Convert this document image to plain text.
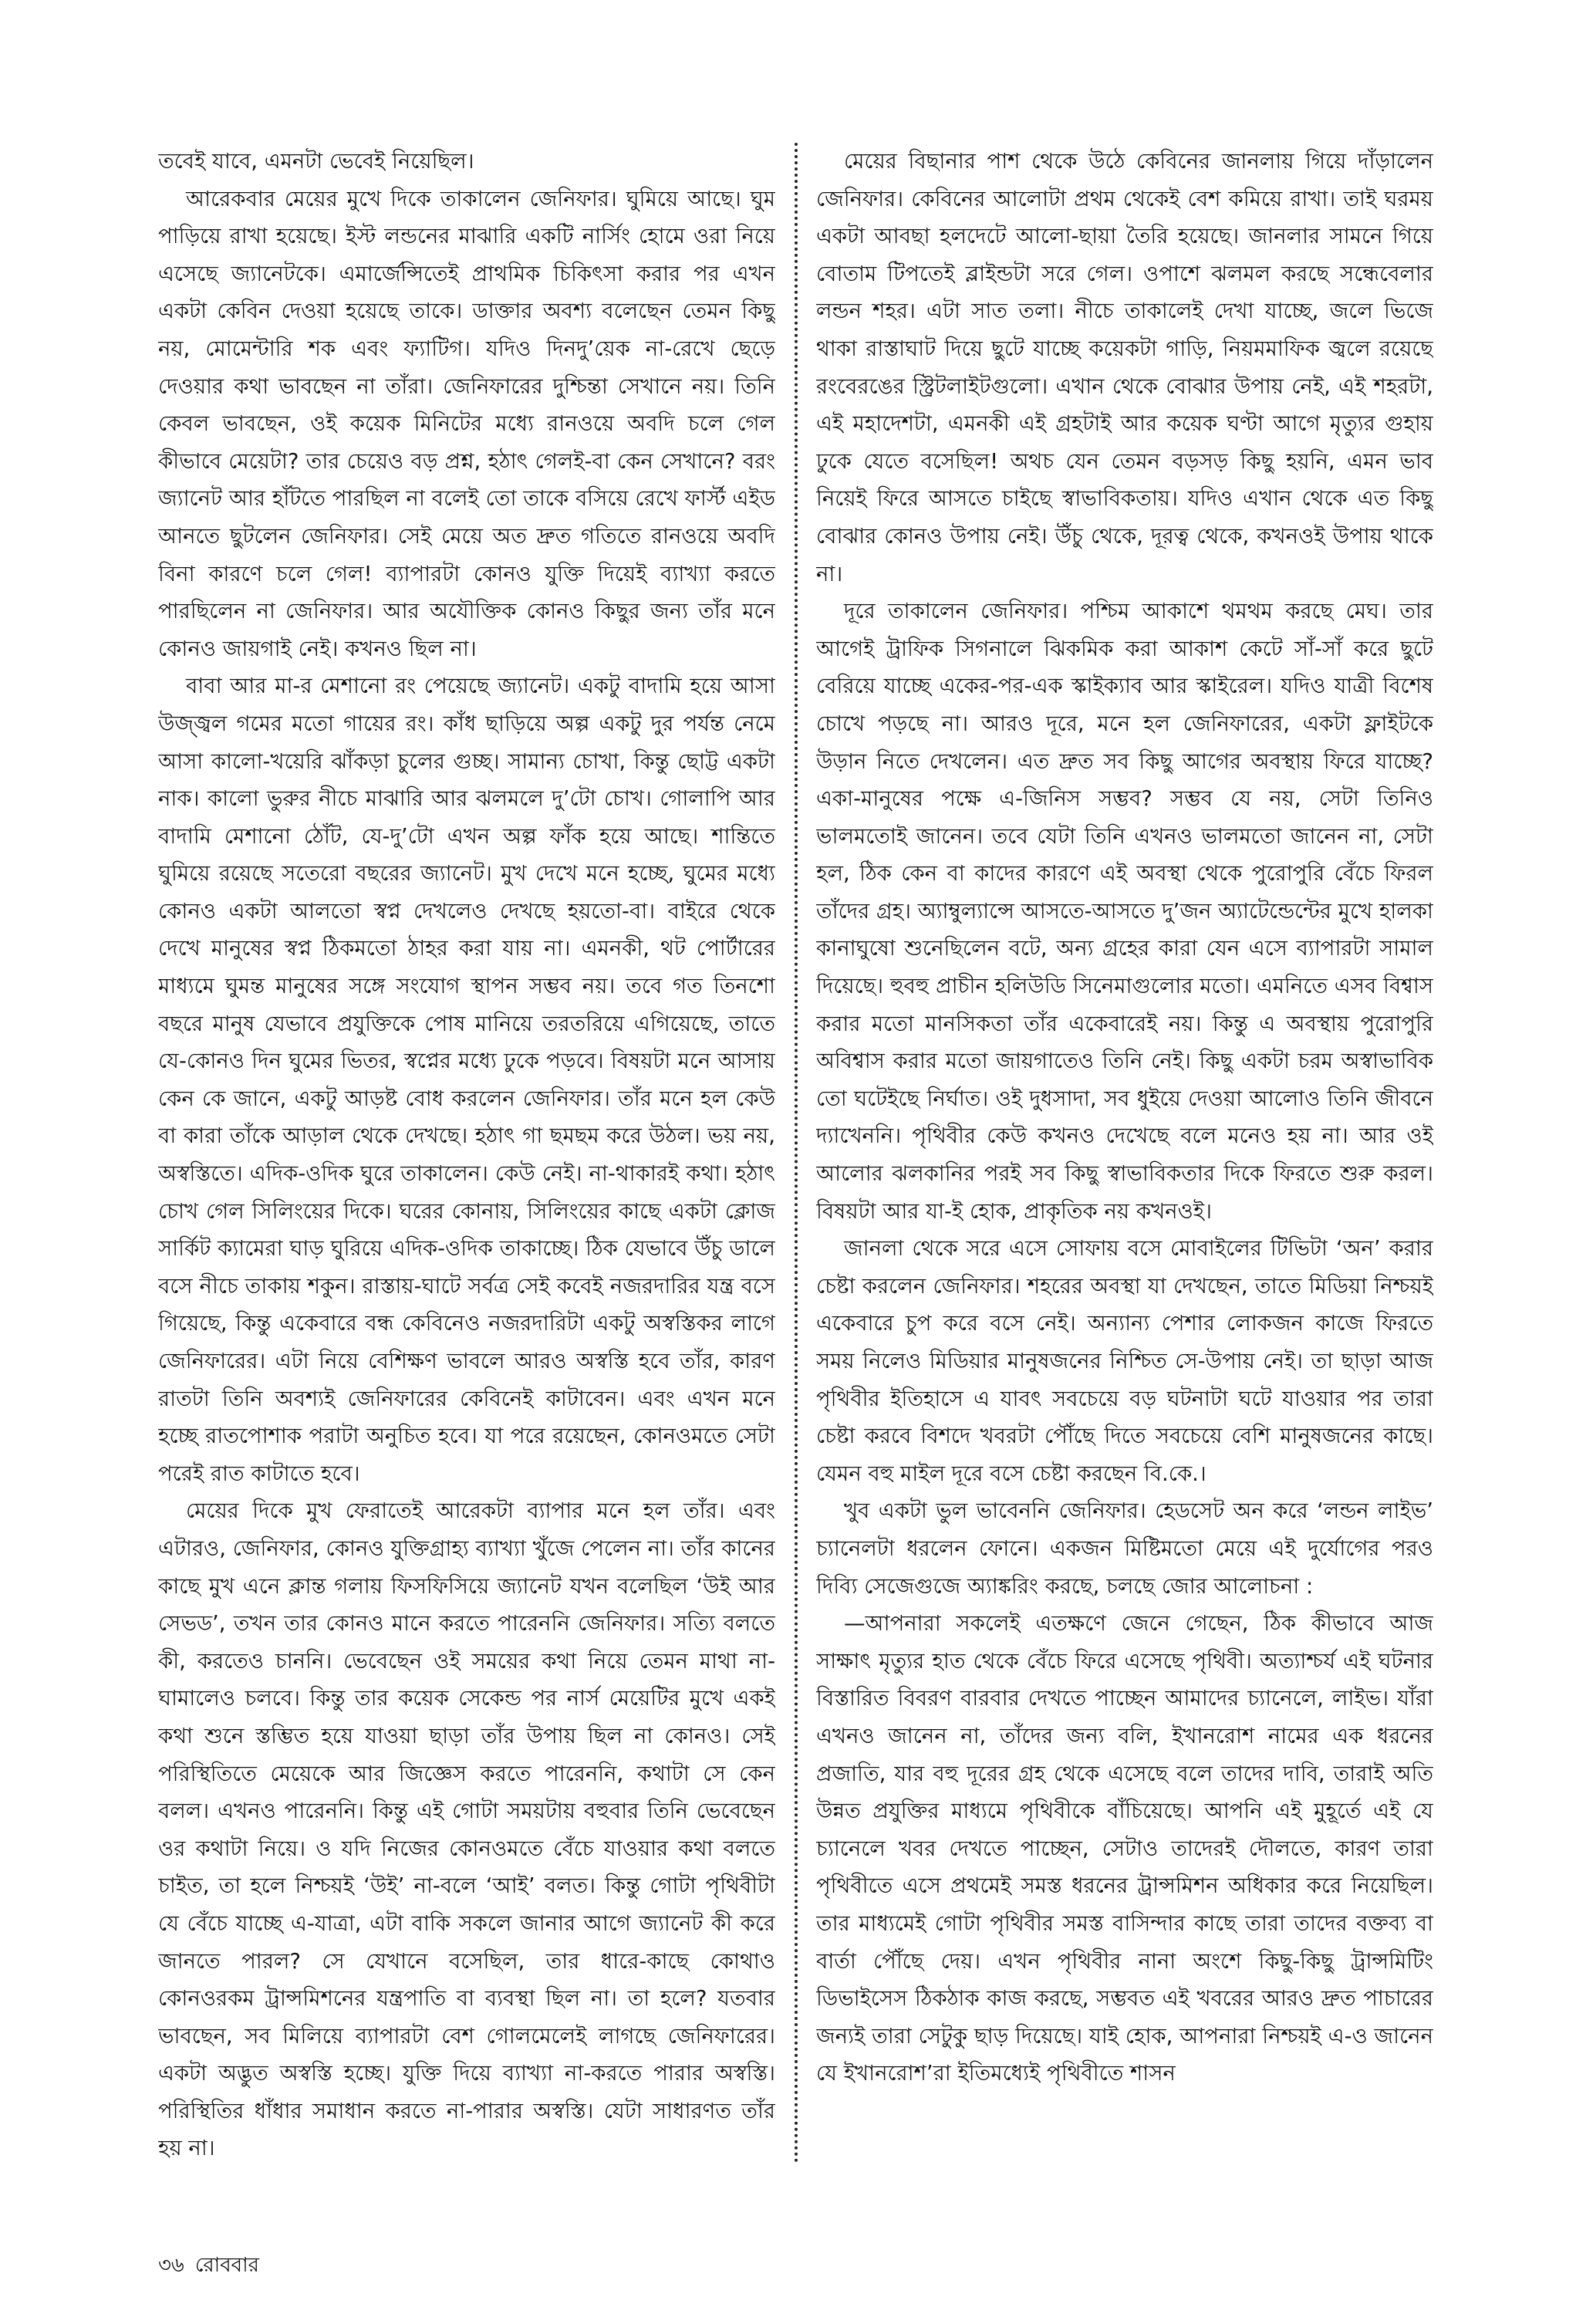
তবেই যাবে, এমনটা ভেবেই নিয়েছিল।

আরেকবার মেয়ের মুখে দিকে তাকালেন জেনিফার। ঘুমিয়ে আছে। ঘুম পাড়িয়ে রাখা হয়েছে। ইস্ট লন্ডনের মাঝারি একটি নার্সিং হোমে ওরা নিয়ে এসেছে জ্যানেটকে। এমার্জেন্সিতেই প্রাথমিক চিকিৎসা করার পর এখন একটা কেবিন দেওয়া হয়েছে তাকে। ডাক্তার অবশ্য বলেছেন তেমন কিছু নয়, মোমেন্টারি শক এবং ফ্যাটিগ। যদিও দিনদু’য়েক না-রেখে ছেড়ে দেওয়ার কথা ভাবছেন না তাঁরা। জেনিফারের দুশ্চিন্তা সেখানে নয়। তিনি কেবল ভাবছেন, ওই কয়েক মিনিটের মধ্যে রানওয়ে অবদি চলে গেল কীভাবে মেয়েটা? তার চেয়েও বড় প্রশ্ন, হঠাৎ গেলই-বা কেন সেখানে? বরং জ্যানেট আর হাঁটতে পারছিল না বলেই তো তাকে বসিয়ে রেখে ফার্স্ট এইড আনতে ছুটলেন জেনিফার। সেই মেয়ে অত দ্রুত গতিতে রানওয়ে অবদি বিনা কারণে চলে গেল! ব্যাপারটা কোনও যুক্তি দিয়েই ব্যাখ্যা করতে পারছিলেন না জেনিফার। আর অযৌক্তিক কোনও কিছুর জন্য তাঁর মনে কোনও জায়গাই নেই। কখনও ছিল না।

বাবা আর মা-র মেশানো রং পেয়েছে জ্যানেট। একটু বাদামি হয়ে আসা উজ্জ্বল গমের মতো গায়ের রং। কাঁধ ছাড়িয়ে অল্প একটু দুর পর্যন্ত নেমে আসা কালো-খয়েরি ঝাঁকড়া চুলের গুচ্ছ। সামান্য চোখা, কিন্তু ছোট্ট একটা নাক। কালো ভুরুর নীচে মাঝারি আর ঝলমলে দু’টো চোখ। গোলাপি আর বাদামি মেশানো ঠোঁট, যে-দু’টো এখন অল্প ফাঁক হয়ে আছে। শান্তিতে ঘুমিয়ে রয়েছে সতেরো বছরের জ্যানেট। মুখ দেখে মনে হচ্ছে, ঘুমের মধ্যে কোনও একটা আলতো স্বপ্ন দেখলেও দেখছে হয়তো-বা। বাইরে থেকে দেখে মানুষের স্বপ্ন ঠিকমতো ঠাহর করা যায় না। এমনকী, থট পোর্টারের মাধ্যমে ঘুমন্ত মানুষের সঙ্গে সংযোগ স্থাপন সম্ভব নয়। তবে গত তিনশো বছরে মানুষ যেভাবে প্রযুক্তিকে পোষ মানিয়ে তরতরিয়ে এগিয়েছে, তাতে যে-কোনও দিন ঘুমের ভিতর, স্বপ্নের মধ্যে ঢুকে পড়বে। বিষয়টা মনে আসায় কেন কে জানে, একটু আড়ষ্ট বোধ করলেন জেনিফার। তাঁর মনে হল কেউ বা কারা তাঁকে আড়াল থেকে দেখছে। হঠাৎ গা ছমছম করে উঠল। ভয় নয়, অস্বস্তিতে। এদিক-ওদিক ঘুরে তাকালেন। কেউ নেই। না-থাকারই কথা। হঠাৎ চোখ গেল সিলিংয়ের দিকে। ঘরের কোনায়, সিলিংয়ের কাছে একটা ক্লোজ সার্কিট ক্যামেরা ঘাড় ঘুরিয়ে এদিক-ওদিক তাকাচ্ছে। ঠিক যেভাবে উঁচু ডালে বসে নীচে তাকায় শকুন। রাস্তায়-ঘাটে সর্বত্র সেই কবেই নজরদারির যন্ত্র বসে গিয়েছে, কিন্তু একেবারে বন্ধ কেবিনেও নজরদারিটা একটু অস্বস্তিকর লাগে জেনিফারের। এটা নিয়ে বেশিক্ষণ ভাবলে আরও অস্বস্তি হবে তাঁর, কারণ রাতটা তিনি অবশ্যই জেনিফারের কেবিনেই কাটাবেন। এবং এখন মনে হচ্ছে রাতপোশাক পরাটা অনুচিত হবে। যা পরে রয়েছেন, কোনওমতে সেটা পরেই রাত কাটাতে হবে।

মেয়ের দিকে মুখ ফেরাতেই আরেকটা ব্যাপার মনে হল তাঁর। এবং এটারও, জেনিফার, কোনও যুক্তিগ্রাহ্য ব্যাখ্যা খুঁজে পেলেন না। তাঁর কানের কাছে মুখ এনে ক্লান্ত গলায় ফিসফিসিয়ে জ্যানেট যখন বলেছিল ‘উই আর সেভড’, তখন তার কোনও মানে করতে পারেননি জেনিফার। সত্যি বলতে কী, করতেও চাননি। ভেবেছেন ওই সময়ের কথা নিয়ে তেমন মাথা না-ঘামালেও চলবে। কিন্তু তার কয়েক সেকেন্ড পর নার্স মেয়েটির মুখে একই কথা শুনে স্তম্ভিত হয়ে যাওয়া ছাড়া তাঁর উপায় ছিল না কোনও। সেই পরিস্থিতিতে মেয়েকে আর জিজ্ঞেস করতে পারেননি, কথাটা সে কেন বলল। এখনও পারেননি। কিন্তু এই গোটা সময়টায় বহুবার তিনি ভেবেছেন ওর কথাটা নিয়ে। ও যদি নিজের কোনওমতে বেঁচে যাওয়ার কথা বলতে চাইত, তা হলে নিশ্চয়ই ‘উই’ না-বলে ‘আই’ বলত। কিন্তু গোটা পৃথিবীটা যে বেঁচে যাচ্ছে এ-যাত্রা, এটা বাকি সকলে জানার আগে জ্যানেট কী করে জানতে পারল? সে যেখানে বসেছিল, তার ধারে-কাছে কোথাও কোনওরকম ট্রান্সমিশনের যন্ত্রপাতি বা ব্যবস্থা ছিল না। তা হলে? যতবার ভাবছেন, সব মিলিয়ে ব্যাপারটা বেশ গোলমেলেই লাগছে জেনিফারের। একটা অদ্ভুত অস্বস্তি হচ্ছে। যুক্তি দিয়ে ব্যাখ্যা না-করতে পারার অস্বস্তি। পরিস্থিতির ধাঁধার সমাধান করতে না-পারার অস্বস্তি। যেটা সাধারণত তাঁর হয় না।

মেয়ের বিছানার পাশ থেকে উঠে কেবিনের জানলায় গিয়ে দাঁড়ালেন জেনিফার। কেবিনের আলোটা প্রথম থেকেই বেশ কমিয়ে রাখা। তাই ঘরময় একটা আবছা হলদেটে আলো-ছায়া তৈরি হয়েছে। জানলার সামনে গিয়ে বোতাম টিপতেই ব্লাইন্ডটা সরে গেল। ওপাশে ঝলমল করছে সন্ধেবেলার লন্ডন শহর। এটা সাত তলা। নীচে তাকালেই দেখা যাচ্ছে, জলে ভিজে থাকা রাস্তাঘাট দিয়ে ছুটে যাচ্ছে কয়েকটা গাড়ি, নিয়মমাফিক জ্বলে রয়েছে রংবেরঙের স্ট্রিটলাইটগুলো। এখান থেকে বোঝার উপায় নেই, এই শহরটা, এই মহাদেশটা, এমনকী এই গ্রহটাই আর কয়েক ঘণ্টা আগে মৃত্যুর গুহায় ঢুকে যেতে বসেছিল! অথচ যেন তেমন বড়সড় কিছু হয়নি, এমন ভাব নিয়েই ফিরে আসতে চাইছে স্বাভাবিকতায়। যদিও এখান থেকে এত কিছু বোঝার কোনও উপায় নেই। উঁচু থেকে, দূরত্ব থেকে, কখনওই উপায় থাকে না।

দূরে তাকালেন জেনিফার। পশ্চিম আকাশে থমথম করছে মেঘ। তার আগেই ট্রাফিক সিগনালে ঝিকমিক করা আকাশ কেটে সাঁ-সাঁ করে ছুটে বেরিয়ে যাচ্ছে একের-পর-এক স্কাইক্যাব আর স্কাইরেল। যদিও যাত্রী বিশেষ চোখে পড়ছে না। আরও দূরে, মনে হল জেনিফারের, একটা ফ্লাইটকে উড়ান নিতে দেখলেন। এত দ্রুত সব কিছু আগের অবস্থায় ফিরে যাচ্ছে? একা-মানুষের পক্ষে এ-জিনিস সম্ভব? সম্ভব যে নয়, সেটা তিনিও ভালমতোই জানেন। তবে যেটা তিনি এখনও ভালমতো জানেন না, সেটা হল, ঠিক কেন বা কাদের কারণে এই অবস্থা থেকে পুরোপুরি বেঁচে ফিরল তাঁদের গ্রহ। অ্যাম্বুল্যান্সে আসতে-আসতে দু’জন অ্যাটেন্ডেন্টের মুখে হালকা কানাঘুষো শুনেছিলেন বটে, অন্য গ্রহের কারা যেন এসে ব্যাপারটা সামাল দিয়েছে। হুবহু প্রাচীন হলিউডি সিনেমাগুলোর মতো। এমনিতে এসব বিশ্বাস করার মতো মানসিকতা তাঁর একেবারেই নয়। কিন্তু এ অবস্থায় পুরোপুরি অবিশ্বাস করার মতো জায়গাতেও তিনি নেই। কিছু একটা চরম অস্বাভাবিক তো ঘটেইছে নির্ঘাত। ওই দুধসাদা, সব ধুইয়ে দেওয়া আলোও তিনি জীবনে দ্যাখেননি। পৃথিবীর কেউ কখনও দেখেছে বলে মনেও হয় না। আর ওই আলোর ঝলকানির পরই সব কিছু স্বাভাবিকতার দিকে ফিরতে শুরু করল। বিষয়টা আর যা-ই হোক, প্রাকৃতিক নয় কখনওই।

জানলা থেকে সরে এসে সোফায় বসে মোবাইলের টিভিটা ‘অন’ করার চেষ্টা করলেন জেনিফার। শহরের অবস্থা যা দেখছেন, তাতে মিডিয়া নিশ্চয়ই একেবারে চুপ করে বসে নেই। অন্যান্য পেশার লোকজন কাজে ফিরতে সময় নিলেও মিডিয়ার মানুষজনের নিশ্চিত সে-উপায় নেই। তা ছাড়া আজ পৃথিবীর ইতিহাসে এ যাবৎ সবচেয়ে বড় ঘটনাটা ঘটে যাওয়ার পর তারা চেষ্টা করবে বিশদে খবরটা পৌঁছে দিতে সবচেয়ে বেশি মানুষজনের কাছে। যেমন বহু মাইল দূরে বসে চেষ্টা করছেন বি.কে.।

খুব একটা ভুল ভাবেননি জেনিফার। হেডসেট অন করে ‘লন্ডন লাইভ’ চ্যানেলটা ধরলেন ফোনে। একজন মিষ্টিমতো মেয়ে এই দুর্যোগের পরও দিব্যি সেজেগুজে অ্যাঙ্করিং করছে, চলছে জোর আলোচনা :

—আপনারা সকলেই এতক্ষণে জেনে গেছেন, ঠিক কীভাবে আজ সাক্ষাৎ মৃত্যুর হাত থেকে বেঁচে ফিরে এসেছে পৃথিবী। অত্যাশ্চর্য এই ঘটনার বিস্তারিত বিবরণ বারবার দেখতে পাচ্ছেন আমাদের চ্যানেলে, লাইভ। যাঁরা এখনও জানেন না, তাঁদের জন্য বলি, ইখানরোশ নামের এক ধরনের প্রজাতি, যার বহু দূরের গ্রহ থেকে এসেছে বলে তাদের দাবি, তারাই অতি উন্নত প্রযুক্তির মাধ্যমে পৃথিবীকে বাঁচিয়েছে। আপনি এই মুহূর্তে এই যে চ্যানেলে খবর দেখতে পাচ্ছেন, সেটাও তাদেরই দৌলতে, কারণ তারা পৃথিবীতে এসে প্রথমেই সমস্ত ধরনের ট্রান্সমিশন অধিকার করে নিয়েছিল। তার মাধ্যমেই গোটা পৃথিবীর সমস্ত বাসিন্দার কাছে তারা তাদের বক্তব্য বা বার্তা পৌঁছে দেয়। এখন পৃথিবীর নানা অংশে কিছু-কিছু ট্রান্সমিটিং ডিভাইসেস ঠিকঠাক কাজ করছে, সম্ভবত এই খবরের আরও দ্রুত পাচারের জন্যই তারা সেটুকু ছাড় দিয়েছে। যাই হোক, আপনারা নিশ্চয়ই এ-ও জানেন যে ইখানরোশ’রা ইতিমধ্যেই পৃথিবীতে শাসন

৩৬ রোববার
